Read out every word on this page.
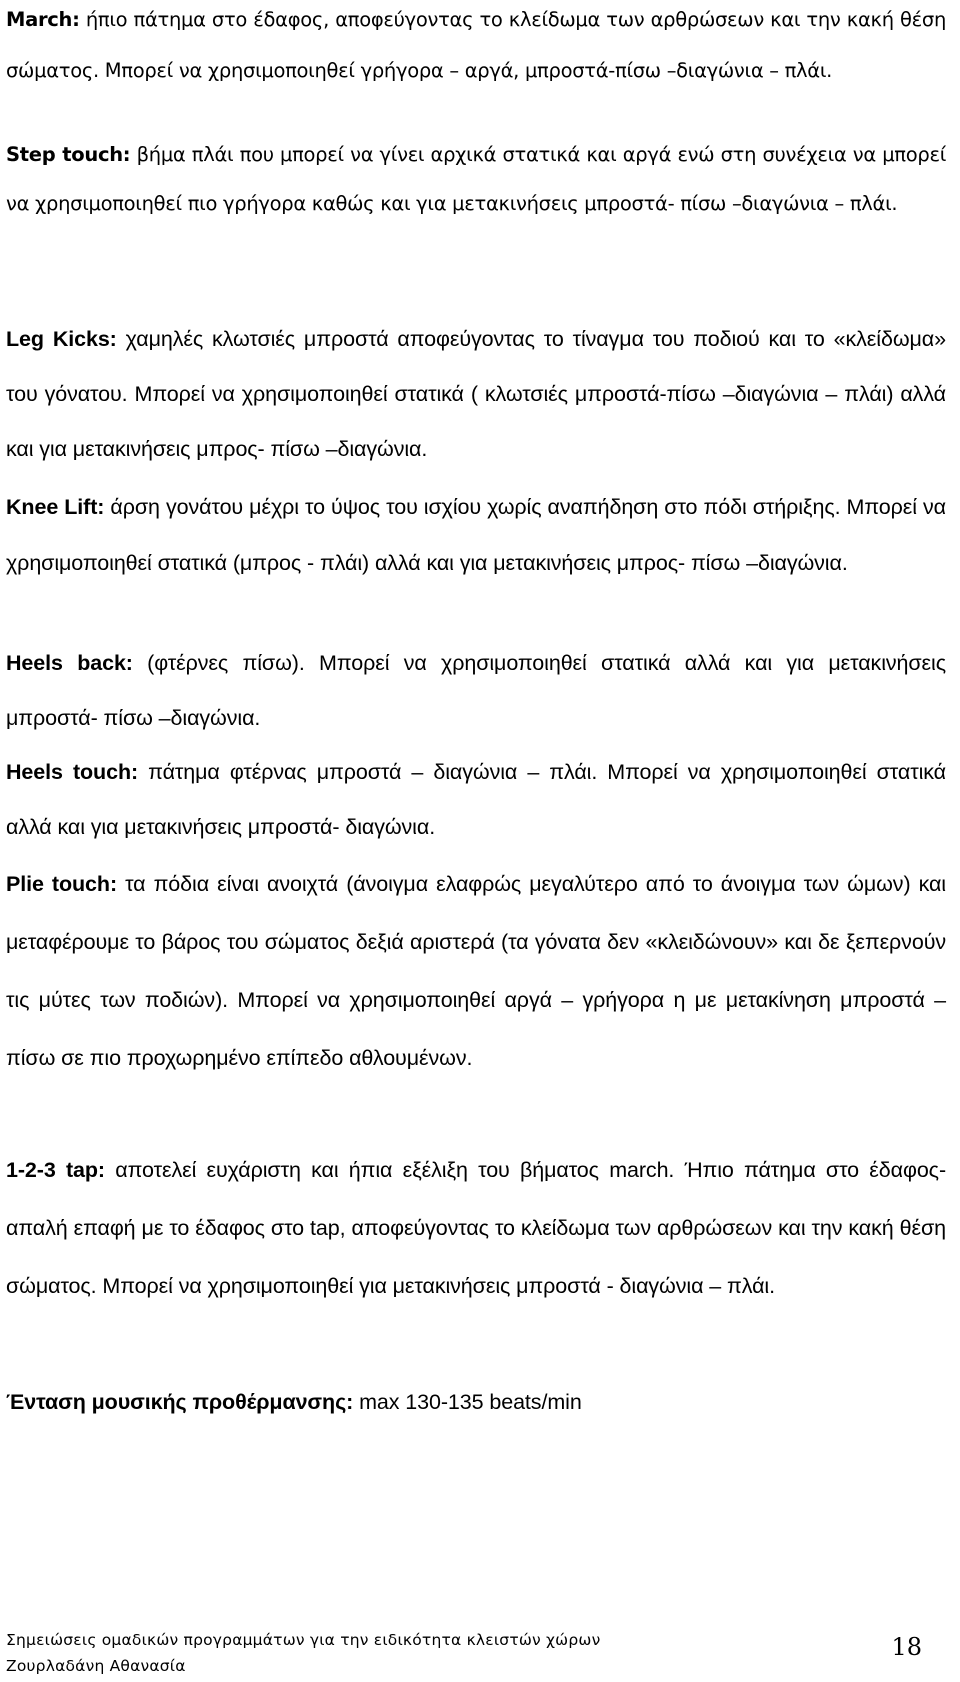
March: ήπιο πάτημα στο έδαφος, αποφεύγοντας το κλείδωμα των αρθρώσεων και την κακή θέση σώματος. Μπορεί να χρησιμοποιηθεί γρήγορα – αργά, μπροστά-πίσω –διαγώνια – πλάι.

Step touch: βήμα πλάι που μπορεί να γίνει αρχικά στατικά και αργά ενώ στη συνέχεια να μπορεί να χρησιμοποιηθεί πιο γρήγορα καθώς και για μετακινήσεις μπροστά- πίσω –διαγώνια – πλάι.

Leg Kicks: χαμηλές κλωτσιές μπροστά αποφεύγοντας το τίναγμα του ποδιού και το «κλείδωμα» του γόνατου. Μπορεί να χρησιμοποιηθεί στατικά ( κλωτσιές μπροστά-πίσω –διαγώνια – πλάι) αλλά και για μετακινήσεις μπρος- πίσω –διαγώνια.

Knee Lift: άρση γονάτου μέχρι το ύψος του ισχίου χωρίς αναπήδηση στο πόδι στήριξης. Μπορεί να χρησιμοποιηθεί στατικά (μπρος - πλάι) αλλά και για μετακινήσεις μπρος- πίσω –διαγώνια.

Heels back: (φτέρνες πίσω). Μπορεί να χρησιμοποιηθεί στατικά αλλά και για μετακινήσεις μπροστά- πίσω –διαγώνια.

Heels touch: πάτημα φτέρνας μπροστά – διαγώνια – πλάι. Μπορεί να χρησιμοποιηθεί στατικά αλλά και για μετακινήσεις μπροστά- διαγώνια.

Plie touch: τα πόδια είναι ανοιχτά (άνοιγμα ελαφρώς μεγαλύτερο από το άνοιγμα των ώμων) και μεταφέρουμε το βάρος του σώματος δεξιά αριστερά (τα γόνατα δεν «κλειδώνουν» και δε ξεπερνούν τις μύτες των ποδιών). Μπορεί να χρησιμοποιηθεί αργά – γρήγορα η με μετακίνηση μπροστά – πίσω σε πιο προχωρημένο επίπεδο αθλουμένων.

1-2-3 tap: αποτελεί ευχάριστη και ήπια εξέλιξη του βήματος march. Ήπιο πάτημα στο έδαφος- απαλή επαφή με το έδαφος στο tap, αποφεύγοντας το κλείδωμα των αρθρώσεων και την κακή θέση σώματος. Μπορεί να χρησιμοποιηθεί για μετακινήσεις μπροστά - διαγώνια – πλάι.

Ένταση μουσικής προθέρμανσης: max 130-135 beats/min

Σημειώσεις ομαδικών προγραμμάτων για την ειδικότητα κλειστών χώρων
Ζουρλαδάνη Αθανασία
18
